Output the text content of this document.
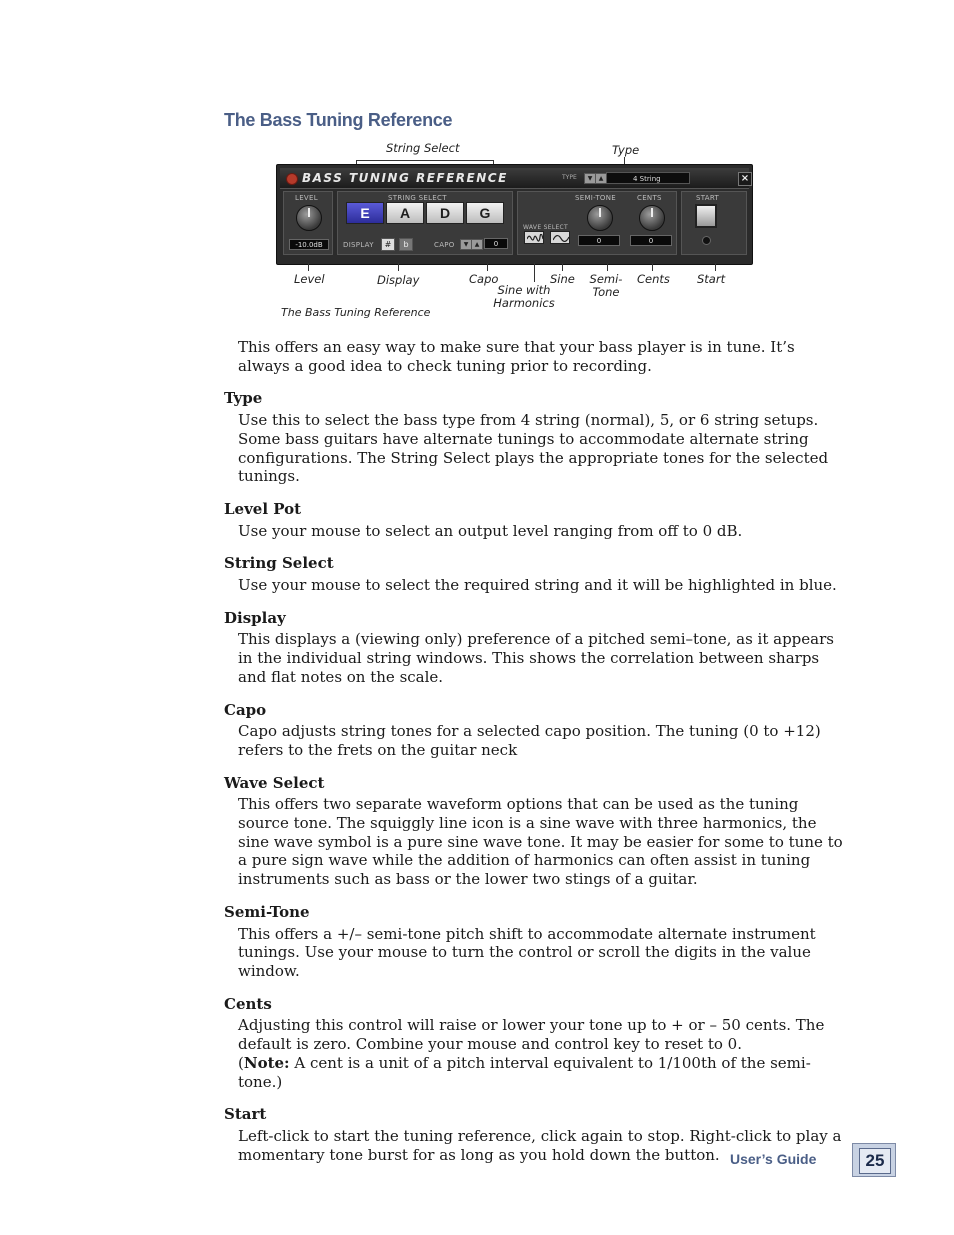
The Bass Tuning Reference
String Select	Type
BASS TUNING REFERENCE	TYPE	▼	▲	4 String	×
LEVEL
-10.0dB
STRING SELECT
E	A	D	G
DISPLAY	#	b	CAPO	▼	▲	0
SEMI-TONE	CENTS
WAVE SELECT
0	0
START
Level	Display	Capo
Sine with Harmonics
Sine	Semi-Tone
Cents Start
The Bass Tuning Reference

This offers an easy way to make sure that your bass player is in tune. It’s always a good idea to check tuning prior to recording.

Type

Use this to select the bass type from 4 string (normal), 5, or 6 string setups. Some bass guitars have alternate tunings to accommodate alternate string configurations. The String Select plays the appropriate tones for the selected tunings.

Level Pot

Use your mouse to select an output level ranging from off to 0 dB.

String Select

Use your mouse to select the required string and it will be highlighted in blue.

Display

This displays a (viewing only) preference of a pitched semi–tone, as it appears in the individual string windows. This shows the correlation between sharps and flat notes on the scale.

Capo

Capo adjusts string tones for a selected capo position. The tuning (0 to +12) refers to the frets on the guitar neck

Wave Select

This offers two separate waveform options that can be used as the tuning source tone. The squiggly line icon is a sine wave with three harmonics, the sine wave symbol is a pure sine wave tone. It may be easier for some to tune to a pure sign wave while the addition of harmonics can often assist in tuning instruments such as bass or the lower two stings of a guitar.

Semi-Tone

This offers a +/– semi-tone pitch shift to accommodate alternate instrument tunings. Use your mouse to turn the control or scroll the digits in the value window.

Cents

Adjusting this control will raise or lower your tone up to + or – 50 cents. The default is zero. Combine your mouse and control key to reset to 0.
(Note: A cent is a unit of a pitch interval equivalent to 1/100th of the semi-tone.)

Start

Left-click to start the tuning reference, click again to stop. Right-click to play a momentary tone burst for as long as you hold down the button. User’s Guide	25
